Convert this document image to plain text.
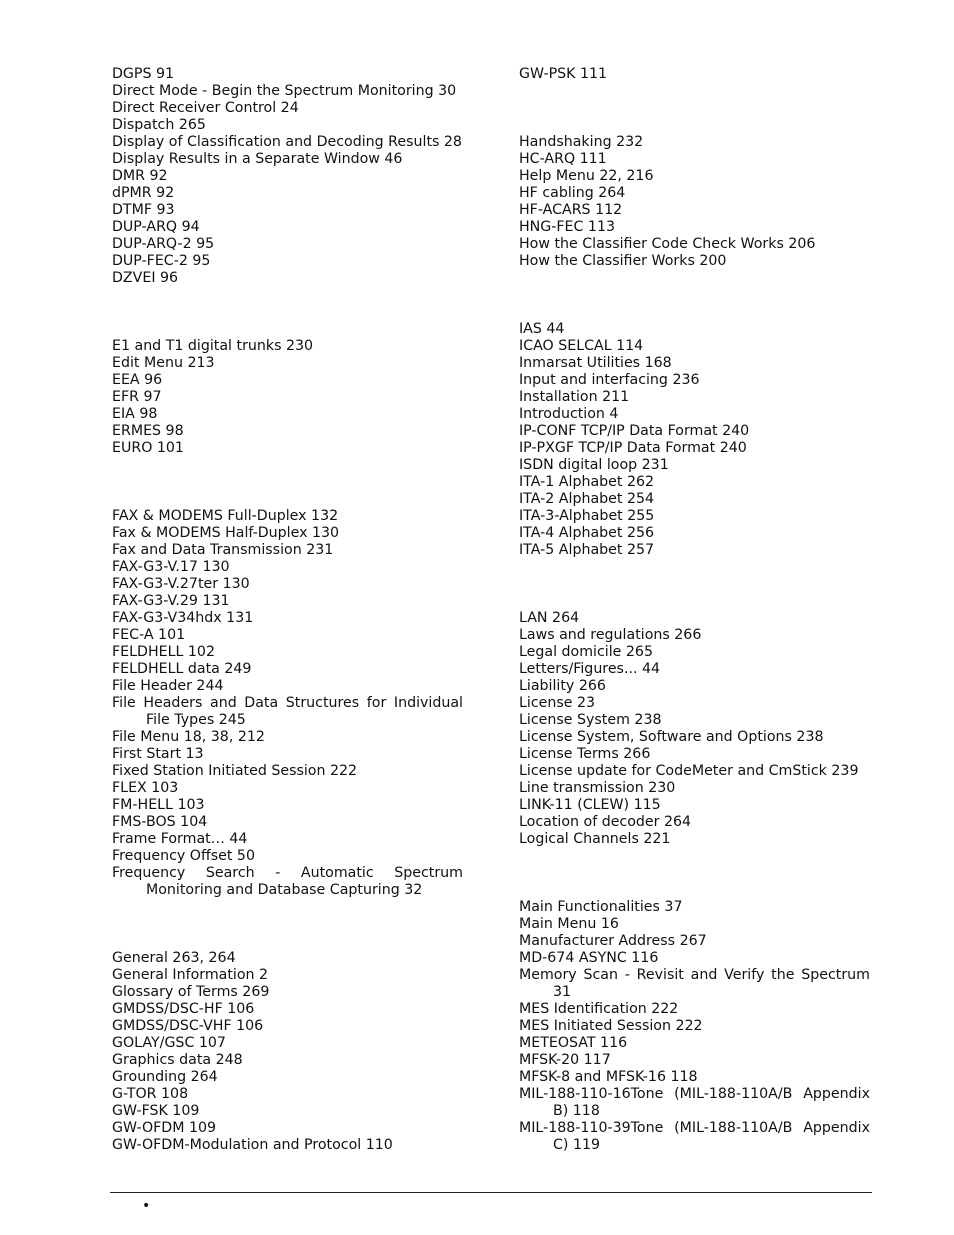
DGPS 91
Direct Mode - Begin the Spectrum Monitoring 30
Direct Receiver Control 24
Dispatch 265
Display of Classification and Decoding Results 28
Display Results in a Separate Window 46
DMR 92
dPMR 92
DTMF 93
DUP-ARQ 94
DUP-ARQ-2 95
DUP-FEC-2 95
DZVEI 96
E1 and T1 digital trunks 230
Edit Menu 213
EEA 96
EFR 97
EIA 98
ERMES 98
EURO 101
FAX & MODEMS Full-Duplex 132
Fax & MODEMS Half-Duplex 130
Fax and Data Transmission 231
FAX-G3-V.17 130
FAX-G3-V.27ter 130
FAX-G3-V.29 131
FAX-G3-V34hdx 131
FEC-A 101
FELDHELL 102
FELDHELL data 249
File Header 244
File Headers and Data Structures for Individual File Types 245
File Menu 18, 38, 212
First Start 13
Fixed Station Initiated Session 222
FLEX 103
FM-HELL 103
FMS-BOS 104
Frame Format… 44
Frequency Offset 50
Frequency Search - Automatic Spectrum Monitoring and Database Capturing 32
General 263, 264
General Information 2
Glossary of Terms 269
GMDSS/DSC-HF 106
GMDSS/DSC-VHF 106
GOLAY/GSC 107
Graphics data 248
Grounding 264
G-TOR 108
GW-FSK 109
GW-OFDM 109
GW-OFDM-Modulation and Protocol 110
GW-PSK 111
Handshaking 232
HC-ARQ 111
Help Menu 22, 216
HF cabling 264
HF-ACARS 112
HNG-FEC 113
How the Classifier Code Check Works 206
How the Classifier Works 200
IAS 44
ICAO SELCAL 114
Inmarsat Utilities 168
Input and interfacing 236
Installation 211
Introduction 4
IP-CONF TCP/IP Data Format 240
IP-PXGF TCP/IP Data Format 240
ISDN digital loop 231
ITA-1 Alphabet 262
ITA-2 Alphabet 254
ITA-3-Alphabet 255
ITA-4 Alphabet 256
ITA-5 Alphabet 257
LAN 264
Laws and regulations 266
Legal domicile 265
Letters/Figures... 44
Liability 266
License 23
License System 238
License System, Software and Options 238
License Terms 266
License update for CodeMeter and CmStick 239
Line transmission 230
LINK-11 (CLEW) 115
Location of decoder 264
Logical Channels 221
Main Functionalities 37
Main Menu 16
Manufacturer Address 267
MD-674 ASYNC 116
Memory Scan - Revisit and Verify the Spectrum 31
MES Identification 222
MES Initiated Session 222
METEOSAT 116
MFSK-20 117
MFSK-8 and MFSK-16 118
MIL-188-110-16Tone (MIL-188-110A/B Appendix B) 118
MIL-188-110-39Tone (MIL-188-110A/B Appendix C) 119
•
